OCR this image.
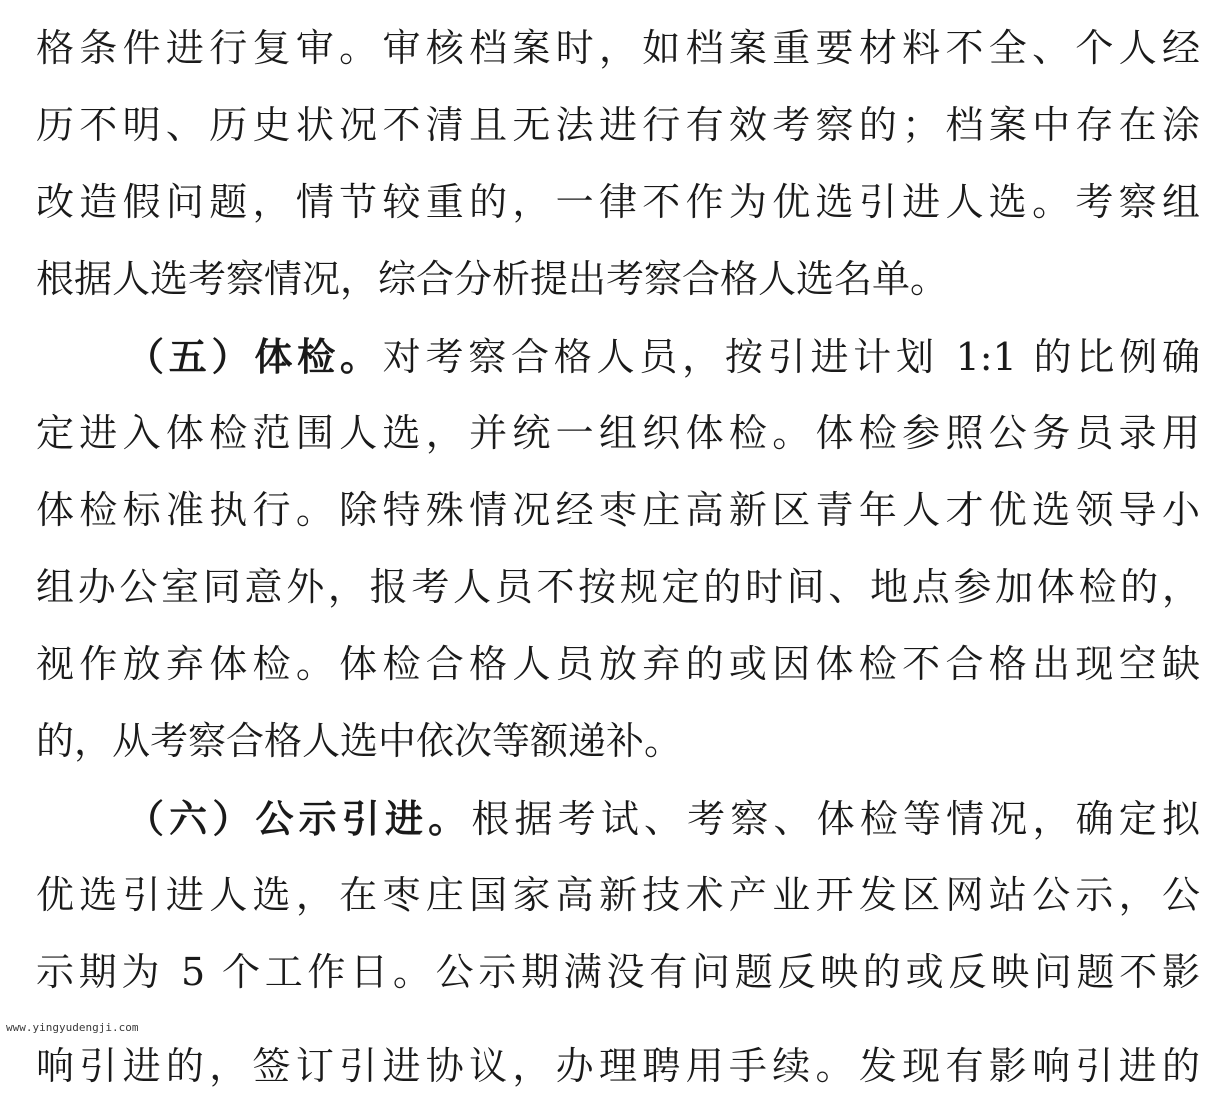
格条件进行复审。审核档案时，如档案重要材料不全、个人经
历不明、历史状况不清且无法进行有效考察的；档案中存在涂
改造假问题，情节较重的，一律不作为优选引进人选。考察组
根据人选考察情况，综合分析提出考察合格人选名单。
（五）体检。对考察合格人员，按引进计划 1:1 的比例确
定进入体检范围人选，并统一组织体检。体检参照公务员录用
体检标准执行。除特殊情况经枣庄高新区青年人才优选领导小
组办公室同意外，报考人员不按规定的时间、地点参加体检的，
视作放弃体检。体检合格人员放弃的或因体检不合格出现空缺
的，从考察合格人选中依次等额递补。
（六）公示引进。根据考试、考察、体检等情况，确定拟
优选引进人选，在枣庄国家高新技术产业开发区网站公示，公
示期为 5 个工作日。公示期满没有问题反映的或反映问题不影
响引进的，签订引进协议，办理聘用手续。发现有影响引进的
www.yingyudengji.com
